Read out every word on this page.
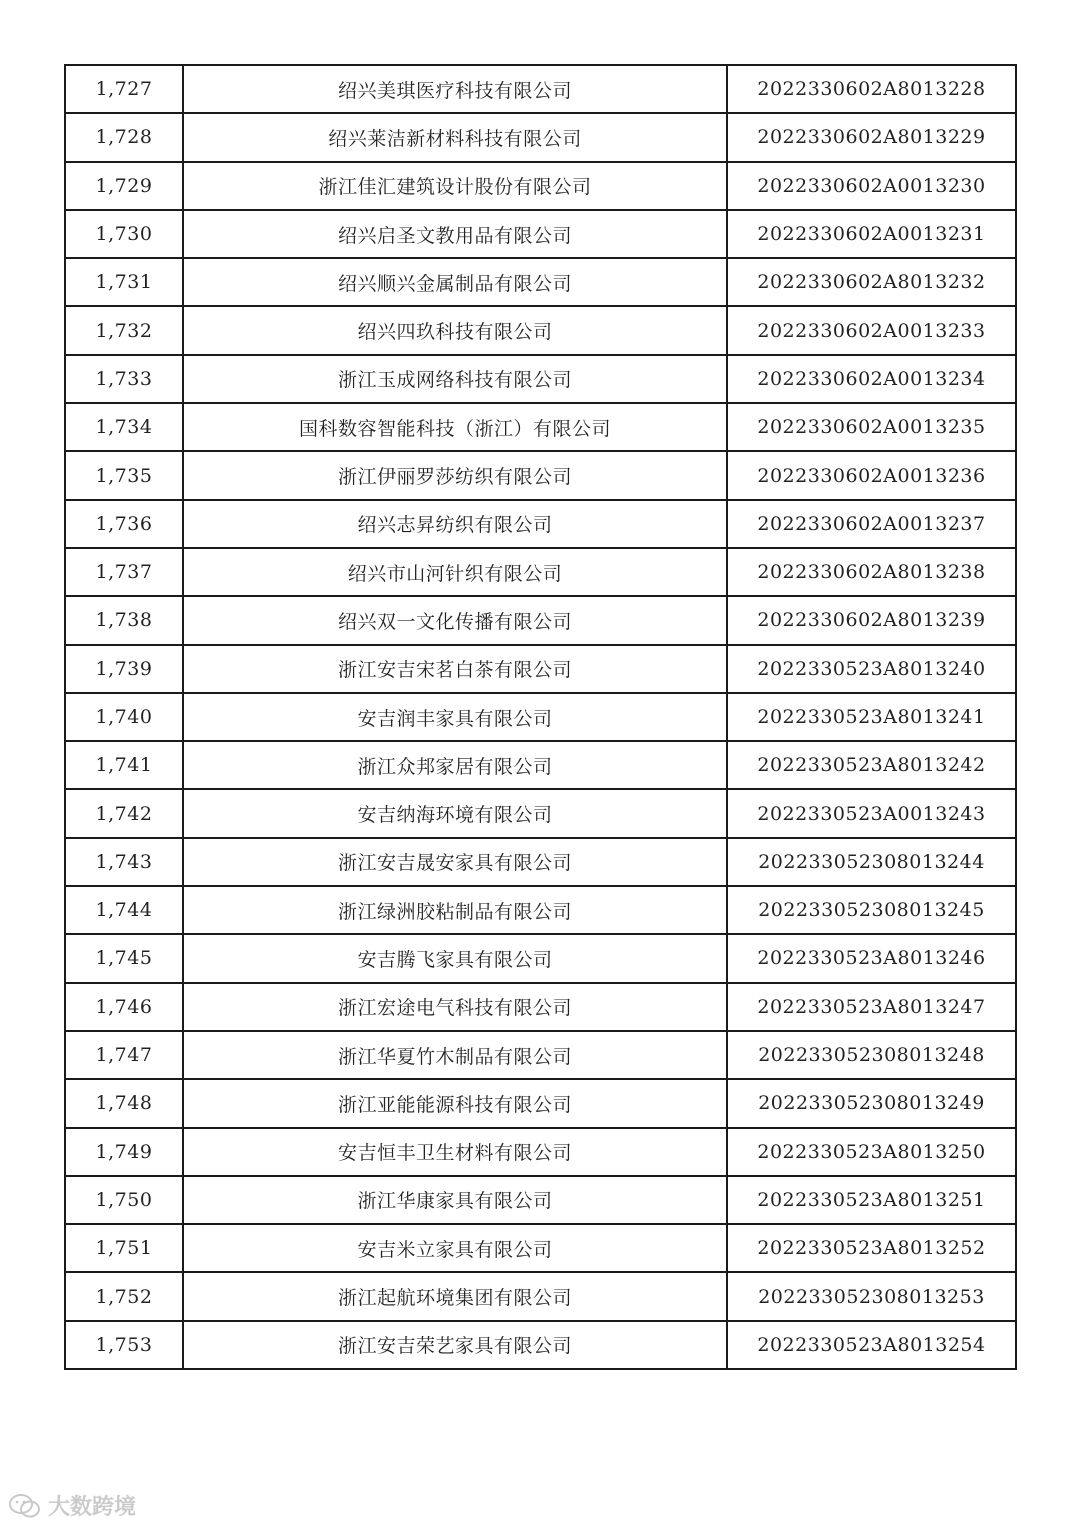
1,727	绍兴美琪医疗科技有限公司	2022330602A8013228
1,728	绍兴莱洁新材料科技有限公司	2022330602A8013229
1,729	浙江佳汇建筑设计股份有限公司	2022330602A0013230
1,730	绍兴启圣文教用品有限公司	2022330602A0013231
1,731	绍兴顺兴金属制品有限公司	2022330602A8013232
1,732	绍兴四玖科技有限公司	2022330602A0013233
1,733	浙江玉成网络科技有限公司	2022330602A0013234
1,734	国科数容智能科技（浙江）有限公司	2022330602A0013235
1,735	浙江伊丽罗莎纺织有限公司	2022330602A0013236
1,736	绍兴志昇纺织有限公司	2022330602A0013237
1,737	绍兴市山河针织有限公司	2022330602A8013238
1,738	绍兴双一文化传播有限公司	2022330602A8013239
1,739	浙江安吉宋茗白茶有限公司	2022330523A8013240
1,740	安吉润丰家具有限公司	2022330523A8013241
1,741	浙江众邦家居有限公司	2022330523A8013242
1,742	安吉纳海环境有限公司	2022330523A0013243
1,743	浙江安吉晟安家具有限公司	202233052308013244
1,744	浙江绿洲胶粘制品有限公司	202233052308013245
1,745	安吉腾飞家具有限公司	2022330523A8013246
1,746	浙江宏途电气科技有限公司	2022330523A8013247
1,747	浙江华夏竹木制品有限公司	202233052308013248
1,748	浙江亚能能源科技有限公司	202233052308013249
1,749	安吉恒丰卫生材料有限公司	2022330523A8013250
1,750	浙江华康家具有限公司	2022330523A8013251
1,751	安吉米立家具有限公司	2022330523A8013252
1,752	浙江起航环境集团有限公司	202233052308013253
1,753	浙江安吉荣艺家具有限公司	2022330523A8013254
大数跨境
